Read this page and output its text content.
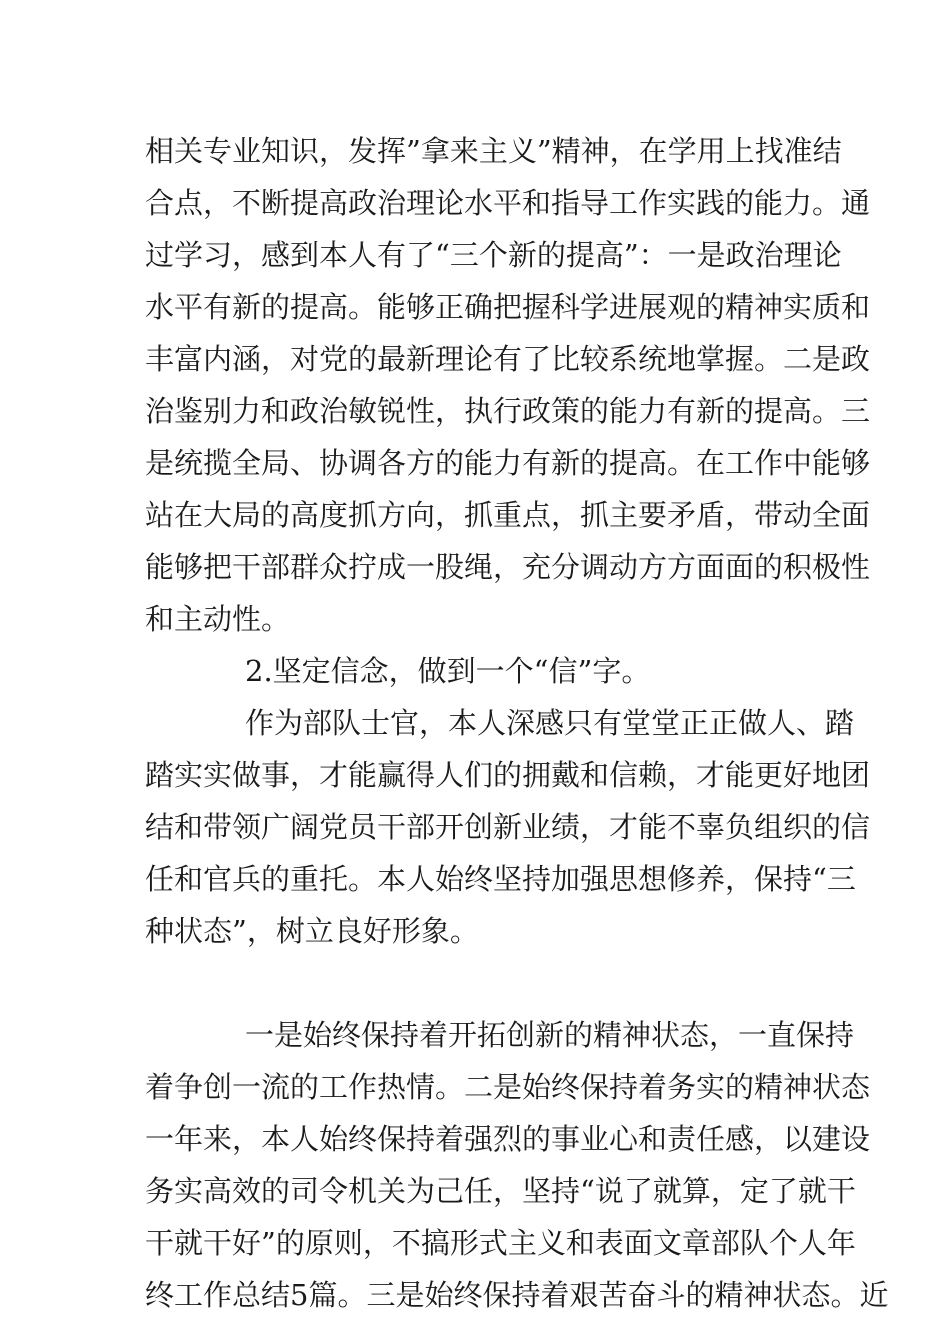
相关专业知识，发挥”拿来主义”精神，在学用上找准结

合点，不断提高政治理论水平和指导工作实践的能力。通

过学习，感到本人有了“三个新的提高”：一是政治理论

水平有新的提高。能够正确把握科学进展观的精神实质和

丰富内涵，对党的最新理论有了比较系统地掌握。二是政

治鉴别力和政治敏锐性，执行政策的能力有新的提高。三

是统揽全局、协调各方的能力有新的提高。在工作中能够

站在大局的高度抓方向，抓重点，抓主要矛盾，带动全面

能够把干部群众拧成一股绳，充分调动方方面面的积极性

和主动性。

2.坚定信念，做到一个“信”字。

作为部队士官，本人深感只有堂堂正正做人、踏

踏实实做事，才能赢得人们的拥戴和信赖，才能更好地团

结和带领广阔党员干部开创新业绩，才能不辜负组织的信

任和官兵的重托。本人始终坚持加强思想修养，保持“三

种状态”，树立良好形象。

一是始终保持着开拓创新的精神状态，一直保持

着争创一流的工作热情。二是始终保持着务实的精神状态

一年来，本人始终保持着强烈的事业心和责任感，以建设

务实高效的司令机关为己任，坚持“说了就算，定了就干

干就干好”的原则，不搞形式主义和表面文章部队个人年

终工作总结5篇。三是始终保持着艰苦奋斗的精神状态。近
